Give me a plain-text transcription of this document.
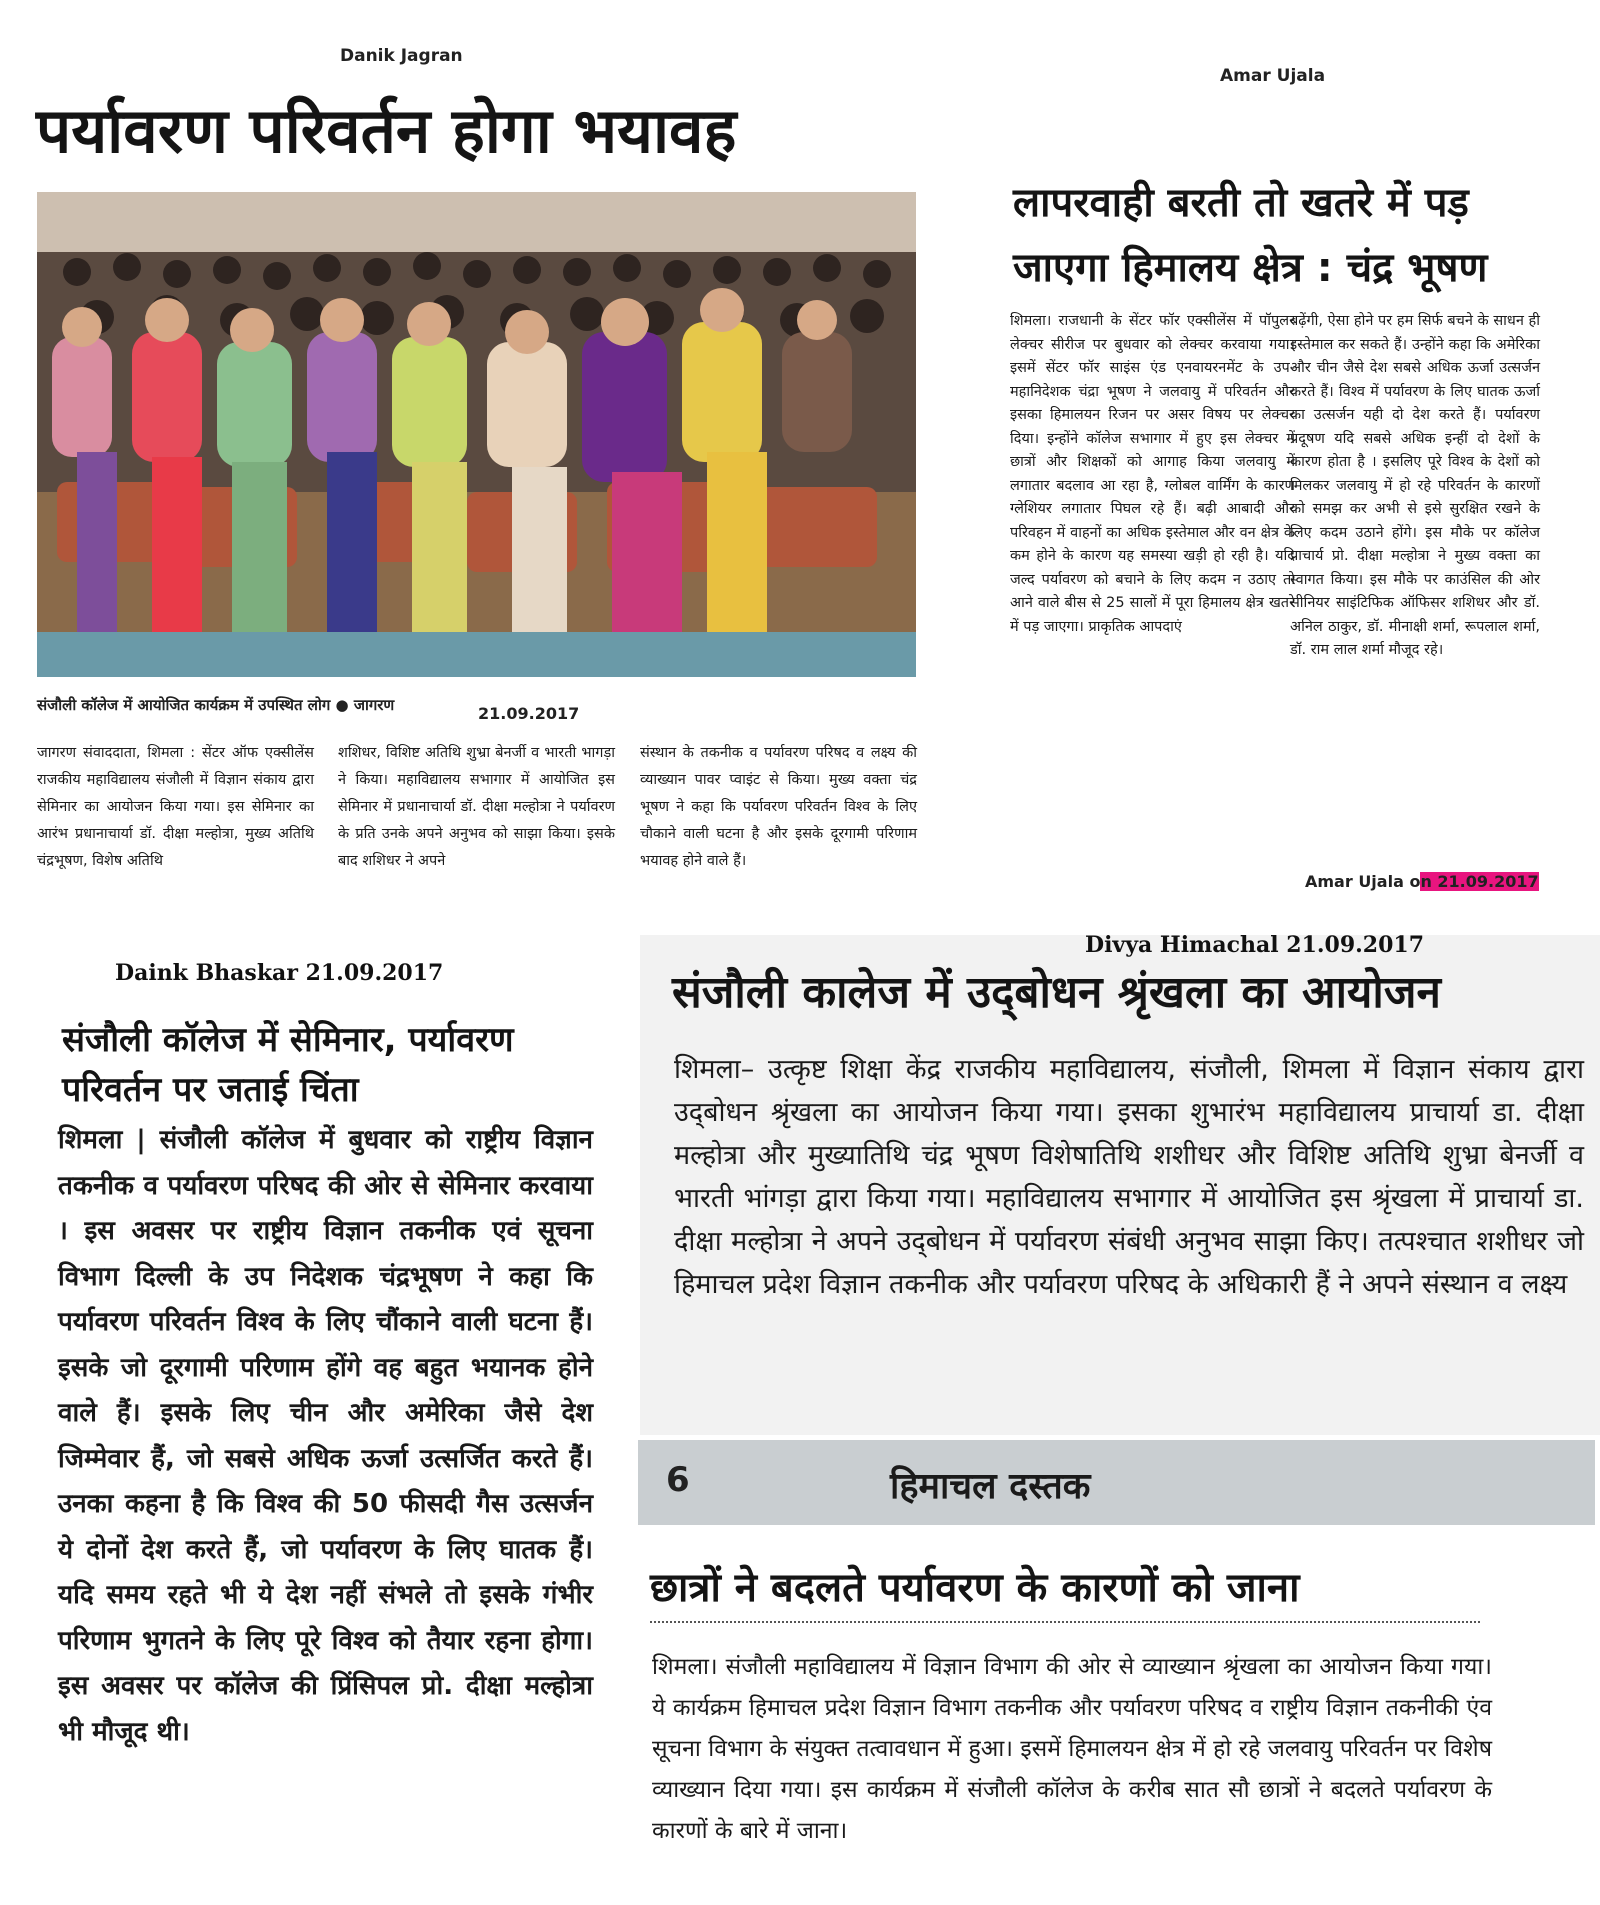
Danik Jagran
पर्यावरण परिवर्तन होगा भयावह
संजौली कॉलेज में आयोजित कार्यक्रम में उपस्थित लोग ● जागरण	21.09.2017
जागरण संवाददाता, शिमला : सेंटर ऑफ एक्सीलेंस राजकीय महाविद्यालय संजौली में विज्ञान संकाय द्वारा सेमिनार का आयोजन किया गया। इस सेमिनार का आरंभ प्रधानाचार्या डॉ. दीक्षा मल्होत्रा, मुख्य अतिथि चंद्रभूषण, विशेष अतिथि
शशिधर, विशिष्ट अतिथि शुभ्रा बेनर्जी व भारती भागड़ा ने किया। महाविद्यालय सभागार में आयोजित इस सेमिनार में प्रधानाचार्या डॉ. दीक्षा मल्होत्रा ने पर्यावरण के प्रति उनके अपने अनुभव को साझा किया। इसके बाद शशिधर ने अपने
संस्थान के तकनीक व पर्यावरण परिषद व लक्ष्य की व्याख्यान पावर प्वाइंट से किया। मुख्य वक्ता चंद्र भूषण ने कहा कि पर्यावरण परिवर्तन विश्व के लिए चौकाने वाली घटना है और इसके दूरगामी परिणाम भयावह होने वाले हैं।
Amar Ujala
लापरवाही बरती तो खतरे में पड़
जाएगा हिमालय क्षेत्र : चंद्र भूषण
शिमला। राजधानी के सेंटर फॉर एक्सीलेंस में पॉपुलर लेक्चर सीरीज पर बुधवार को लेक्चर करवाया गया। इसमें सेंटर फॉर साइंस एंड एनवायरनमेंट के उप-महानिदेशक चंद्रा भूषण ने जलवायु में परिवर्तन और इसका हिमालयन रिजन पर असर विषय पर लेक्चर दिया। इन्होंने कॉलेज सभागार में हुए इस लेक्चर में छात्रों और शिक्षकों को आगाह किया जलवायु में लगातार बदलाव आ रहा है, ग्लोबल वार्मिंग के कारण ग्लेशियर लगातार पिघल रहे हैं। बढ़ी आबादी और परिवहन में वाहनों का अधिक इस्तेमाल और वन क्षेत्र के कम होने के कारण यह समस्या खड़ी हो रही है। यदि जल्द पर्यावरण को बचाने के लिए कदम न उठाए तो आने वाले बीस से 25 सालों में पूरा हिमालय क्षेत्र खतरे में पड़ जाएगा। प्राकृतिक आपदाएं
बढ़ेंगी, ऐसा होने पर हम सिर्फ बचने के साधन ही इस्तेमाल कर सकते हैं। उन्होंने कहा कि अमेरिका और चीन जैसे देश सबसे अधिक ऊर्जा उत्सर्जन करते हैं। विश्व में पर्यावरण के लिए घातक ऊर्जा का उत्सर्जन यही दो देश करते हैं। पर्यावरण प्रदूषण यदि सबसे अधिक इन्हीं दो देशों के कारण होता है । इसलिए पूरे विश्व के देशों को मिलकर जलवायु में हो रहे परिवर्तन के कारणों को समझ कर अभी से इसे सुरक्षित रखने के लिए कदम उठाने होंगे। इस मौके पर कॉलेज प्राचार्य प्रो. दीक्षा मल्होत्रा ने मुख्य वक्ता का स्वागत किया। इस मौके पर काउंसिल की ओर सीनियर साइंटिफिक ऑफिसर शशिधर और डॉ. अनिल ठाकुर, डॉ. मीनाक्षी शर्मा, रूपलाल शर्मा, डॉ. राम लाल शर्मा मौजूद रहे।
Amar Ujala on 21.09.2017
Daink Bhaskar 21.09.2017
संजौली कॉलेज में सेमिनार, पर्यावरण परिवर्तन पर जताई चिंता
शिमला | संजौली कॉलेज में बुधवार को राष्ट्रीय विज्ञान तकनीक व पर्यावरण परिषद की ओर से सेमिनार करवाया । इस अवसर पर राष्ट्रीय विज्ञान तकनीक एवं सूचना विभाग दिल्ली के उप निदेशक चंद्रभूषण ने कहा कि पर्यावरण परिवर्तन विश्व के लिए चौंकाने वाली घटना हैं। इसके जो दूरगामी परिणाम होंगे वह बहुत भयानक होने वाले हैं। इसके लिए चीन और अमेरिका जैसे देश जिम्मेवार हैं, जो सबसे अधिक ऊर्जा उत्सर्जित करते हैं। उनका कहना है कि विश्व की 50 फीसदी गैस उत्सर्जन ये दोनों देश करते हैं, जो पर्यावरण के लिए घातक हैं। यदि समय रहते भी ये देश नहीं संभले तो इसके गंभीर परिणाम भुगतने के लिए पूरे विश्व को तैयार रहना होगा। इस अवसर पर कॉलेज की प्रिंसिपल प्रो. दीक्षा मल्होत्रा भी मौजूद थी।
Divya Himachal 21.09.2017
संजौली कालेज में उद्‌बोधन श्रृंखला का आयोजन
शिमला– उत्कृष्ट शिक्षा केंद्र राजकीय महाविद्यालय, संजौली, शिमला में विज्ञान संकाय द्वारा उद्‌बोधन श्रृंखला का आयोजन किया गया। इसका शुभारंभ महाविद्यालय प्राचार्या डा. दीक्षा मल्होत्रा और मुख्यातिथि चंद्र भूषण विशेषातिथि शशीधर और विशिष्ट अतिथि शुभ्रा बेनर्जी व भारती भांगड़ा द्वारा किया गया। महाविद्यालय सभागार में आयोजित इस श्रृंखला में प्राचार्या डा. दीक्षा मल्होत्रा ने अपने उद्‌बोधन में पर्यावरण संबंधी अनुभव साझा किए। तत्पश्चात शशीधर जो हिमाचल प्रदेश विज्ञान तकनीक और पर्यावरण परिषद के अधिकारी हैं ने अपने संस्थान व लक्ष्य
6	हिमाचल दस्तक
छात्रों ने बदलते पर्यावरण के कारणों को जाना
शिमला। संजौली महाविद्यालय में विज्ञान विभाग की ओर से व्याख्यान श्रृंखला का आयोजन किया गया। ये कार्यक्रम हिमाचल प्रदेश विज्ञान विभाग तकनीक और पर्यावरण परिषद व राष्ट्रीय विज्ञान तकनीकी एंव सूचना विभाग के संयुक्त तत्वावधान में हुआ। इसमें हिमालयन क्षेत्र में हो रहे जलवायु परिवर्तन पर विशेष व्याख्यान दिया गया। इस कार्यक्रम में संजौली कॉलेज के करीब सात सौ छात्रों ने बदलते पर्यावरण के कारणों के बारे में जाना।
